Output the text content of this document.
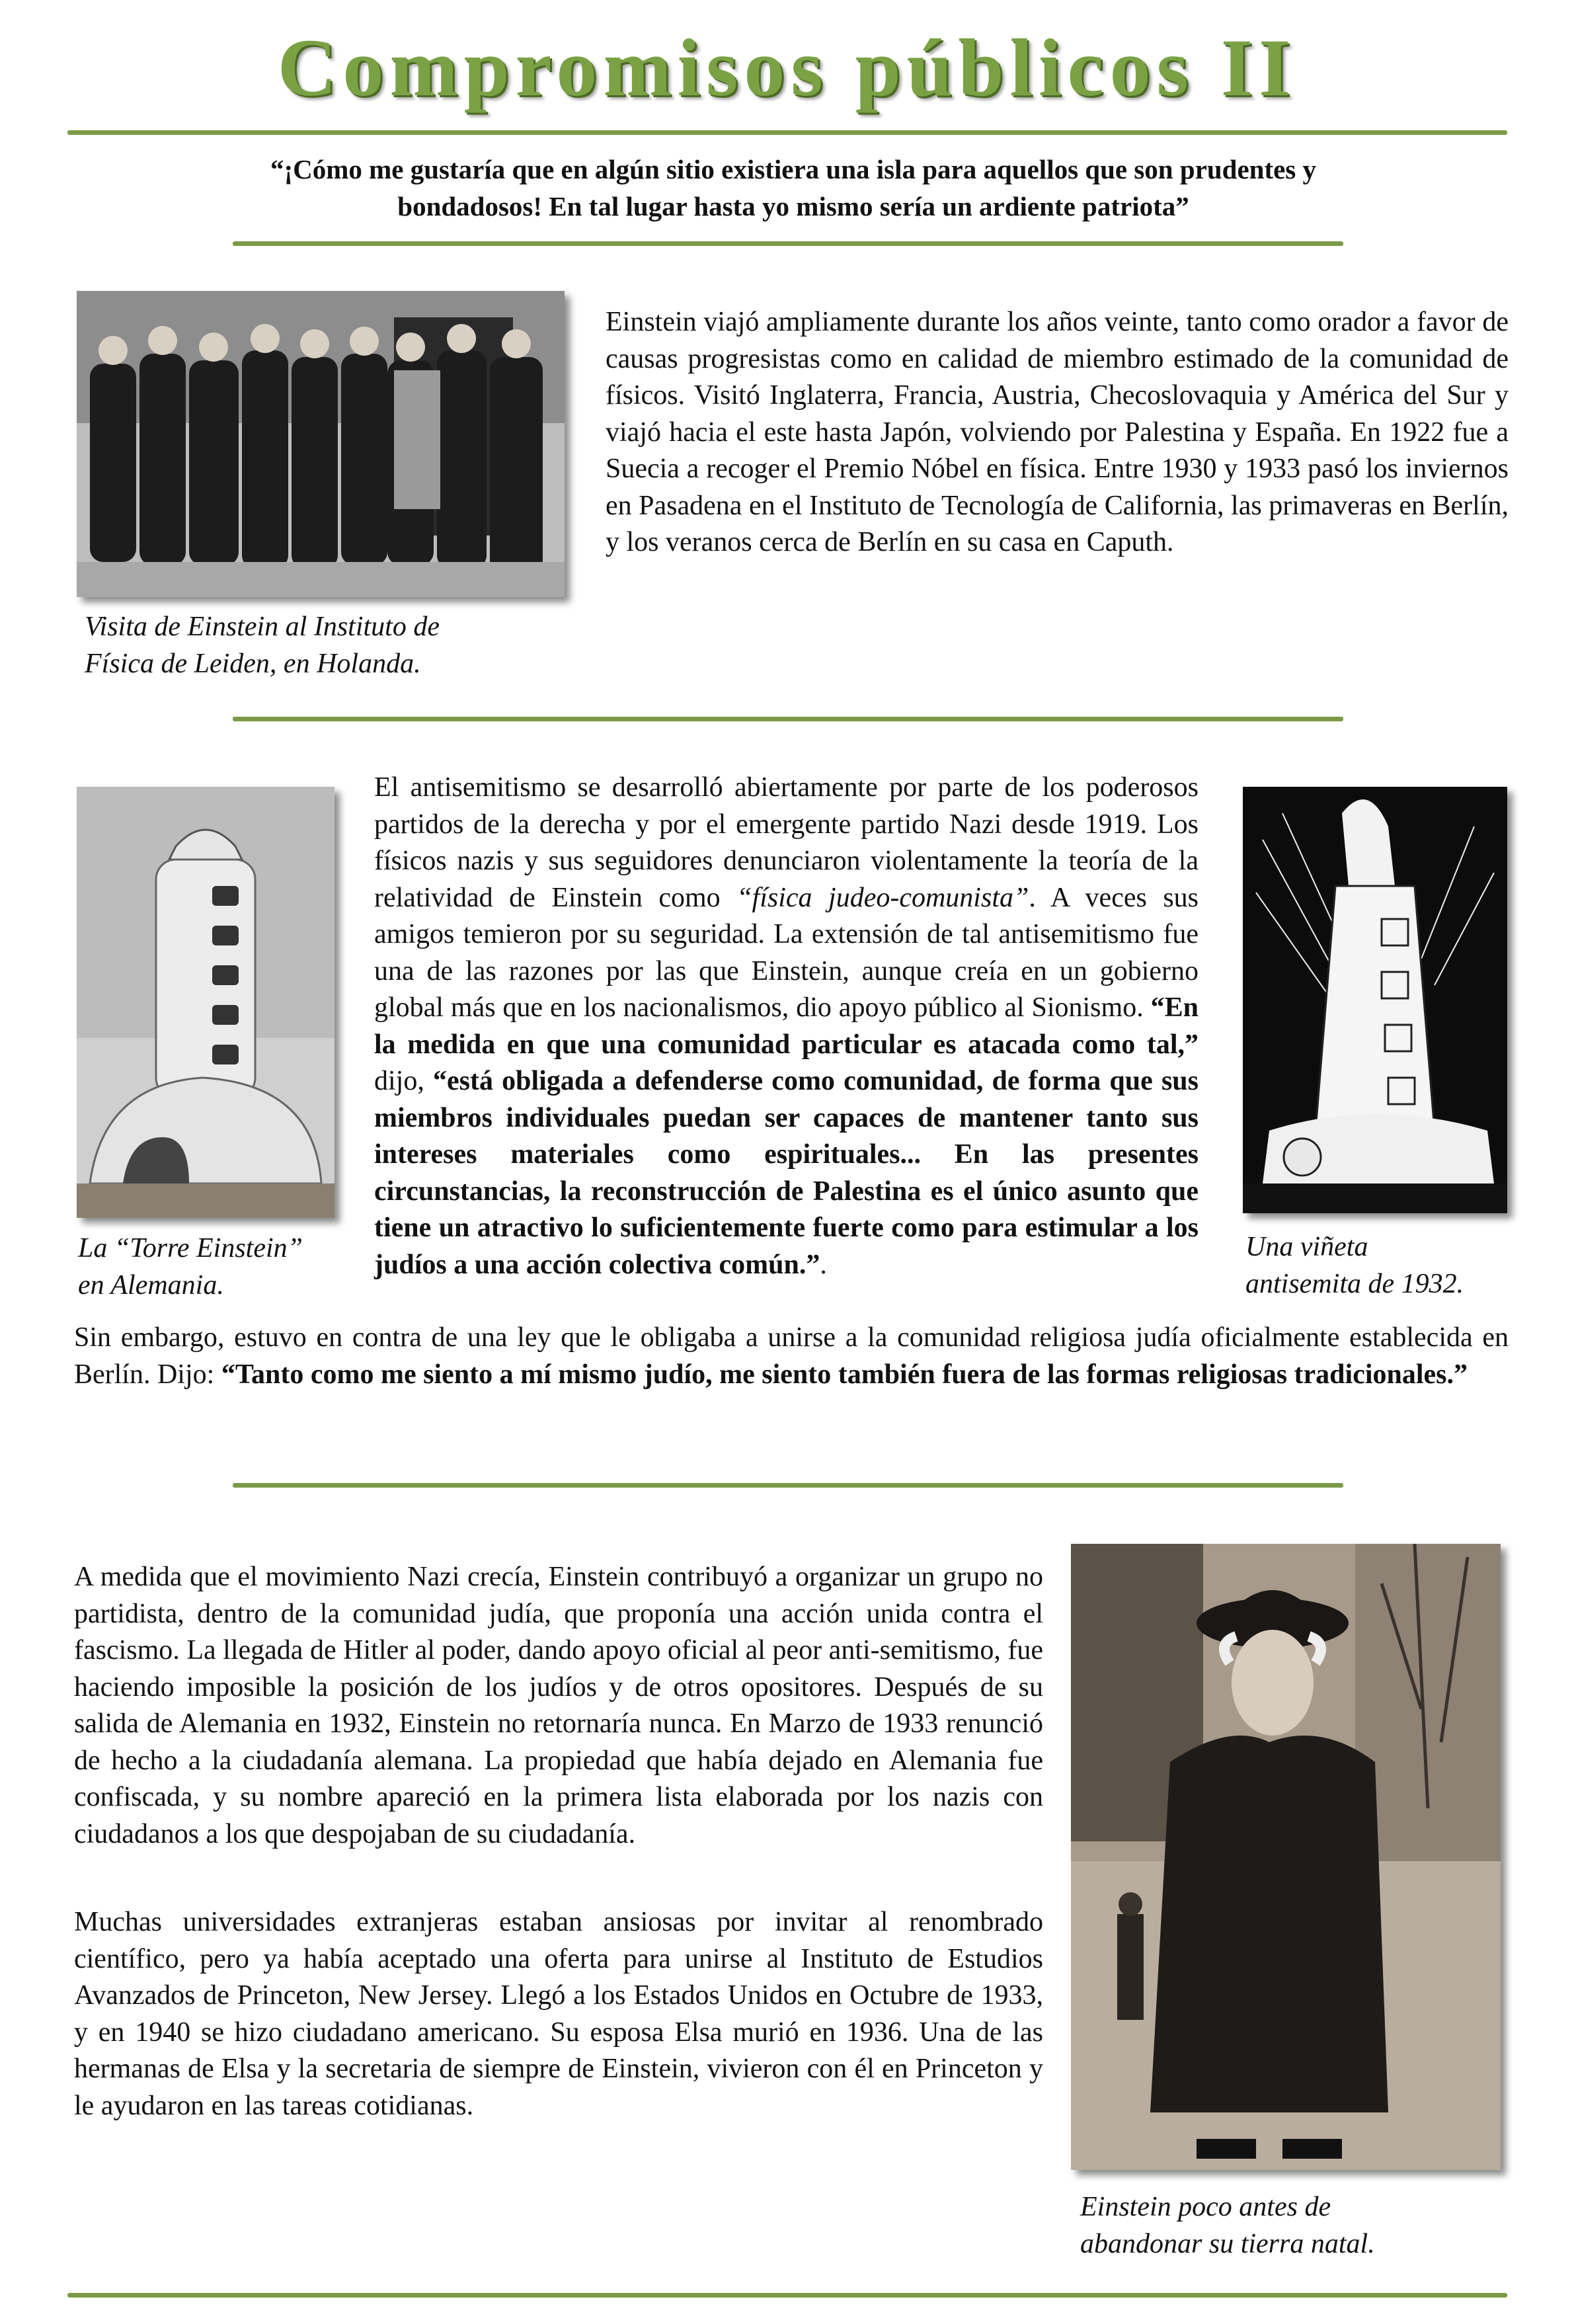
Compromisos públicos II
“¡Cómo me gustaría que en algún sitio existiera una isla para aquellos que son prudentes y bondadosos! En tal lugar hasta yo mismo sería un ardiente patriota”
Visita de Einstein al Instituto de
Física de Leiden, en Holanda.
Einstein viajó ampliamente durante los años veinte, tanto como orador a favor de causas progresistas como en calidad de miembro estimado de la comunidad de físicos. Visitó Inglaterra, Francia, Austria, Checoslovaquia y América del Sur y viajó hacia el este hasta Japón, volviendo por Palestina y España. En 1922 fue a Suecia a recoger el Premio Nóbel en física. Entre 1930 y 1933 pasó los inviernos en Pasadena en el Instituto de Tecnología de California, las primaveras en Berlín, y los veranos cerca de Berlín en su casa en Caputh.
La “Torre Einstein”
en Alemania.
Una viñeta
antisemita de 1932.
El antisemitismo se desarrolló abiertamente por parte de los poderosos partidos de la derecha y por el emergente partido Nazi desde 1919. Los físicos nazis y sus seguidores denunciaron violentamente la teoría de la relatividad de Einstein como “física judeo-comunista”. A veces sus amigos temieron por su seguridad. La extensión de tal antisemitismo fue una de las razones por las que Einstein, aunque creía en un gobierno global más que en los nacionalismos, dio apoyo público al Sionismo. “En la medida en que una comunidad particular es atacada como tal,” dijo, “está obligada a defenderse como comunidad, de forma que sus miembros individuales puedan ser capaces de mantener tanto sus intereses materiales como espirituales... En las presentes circunstancias, la reconstrucción de Palestina es el único asunto que tiene un atractivo lo suficientemente fuerte como para estimular a los judíos a una acción colectiva común.”.
Sin embargo, estuvo en contra de una ley que le obligaba a unirse a la comunidad religiosa judía oficialmente establecida en Berlín. Dijo: “Tanto como me siento a mí mismo judío, me siento también fuera de las formas religiosas tradicionales.”
A medida que el movimiento Nazi crecía, Einstein contribuyó a organizar un grupo no partidista, dentro de la comunidad judía, que proponía una acción unida contra el fascismo. La llegada de Hitler al poder, dando apoyo oficial al peor anti-semitismo, fue haciendo imposible la posición de los judíos y de otros opositores. Después de su salida de Alemania en 1932, Einstein no retornaría nunca. En Marzo de 1933 renunció de hecho a la ciudadanía alemana. La propiedad que había dejado en Alemania fue confiscada, y su nombre apareció en la primera lista elaborada por los nazis con ciudadanos a los que despojaban de su ciudadanía.
Muchas universidades extranjeras estaban ansiosas por invitar al renombrado científico, pero ya había aceptado una oferta para unirse al Instituto de Estudios Avanzados de Princeton, New Jersey. Llegó a los Estados Unidos en Octubre de 1933, y en 1940 se hizo ciudadano americano. Su esposa Elsa murió en 1936. Una de las hermanas de Elsa y la secretaria de siempre de Einstein, vivieron con él en Princeton y le ayudaron en las tareas cotidianas.
Einstein poco antes de
abandonar su tierra natal.
